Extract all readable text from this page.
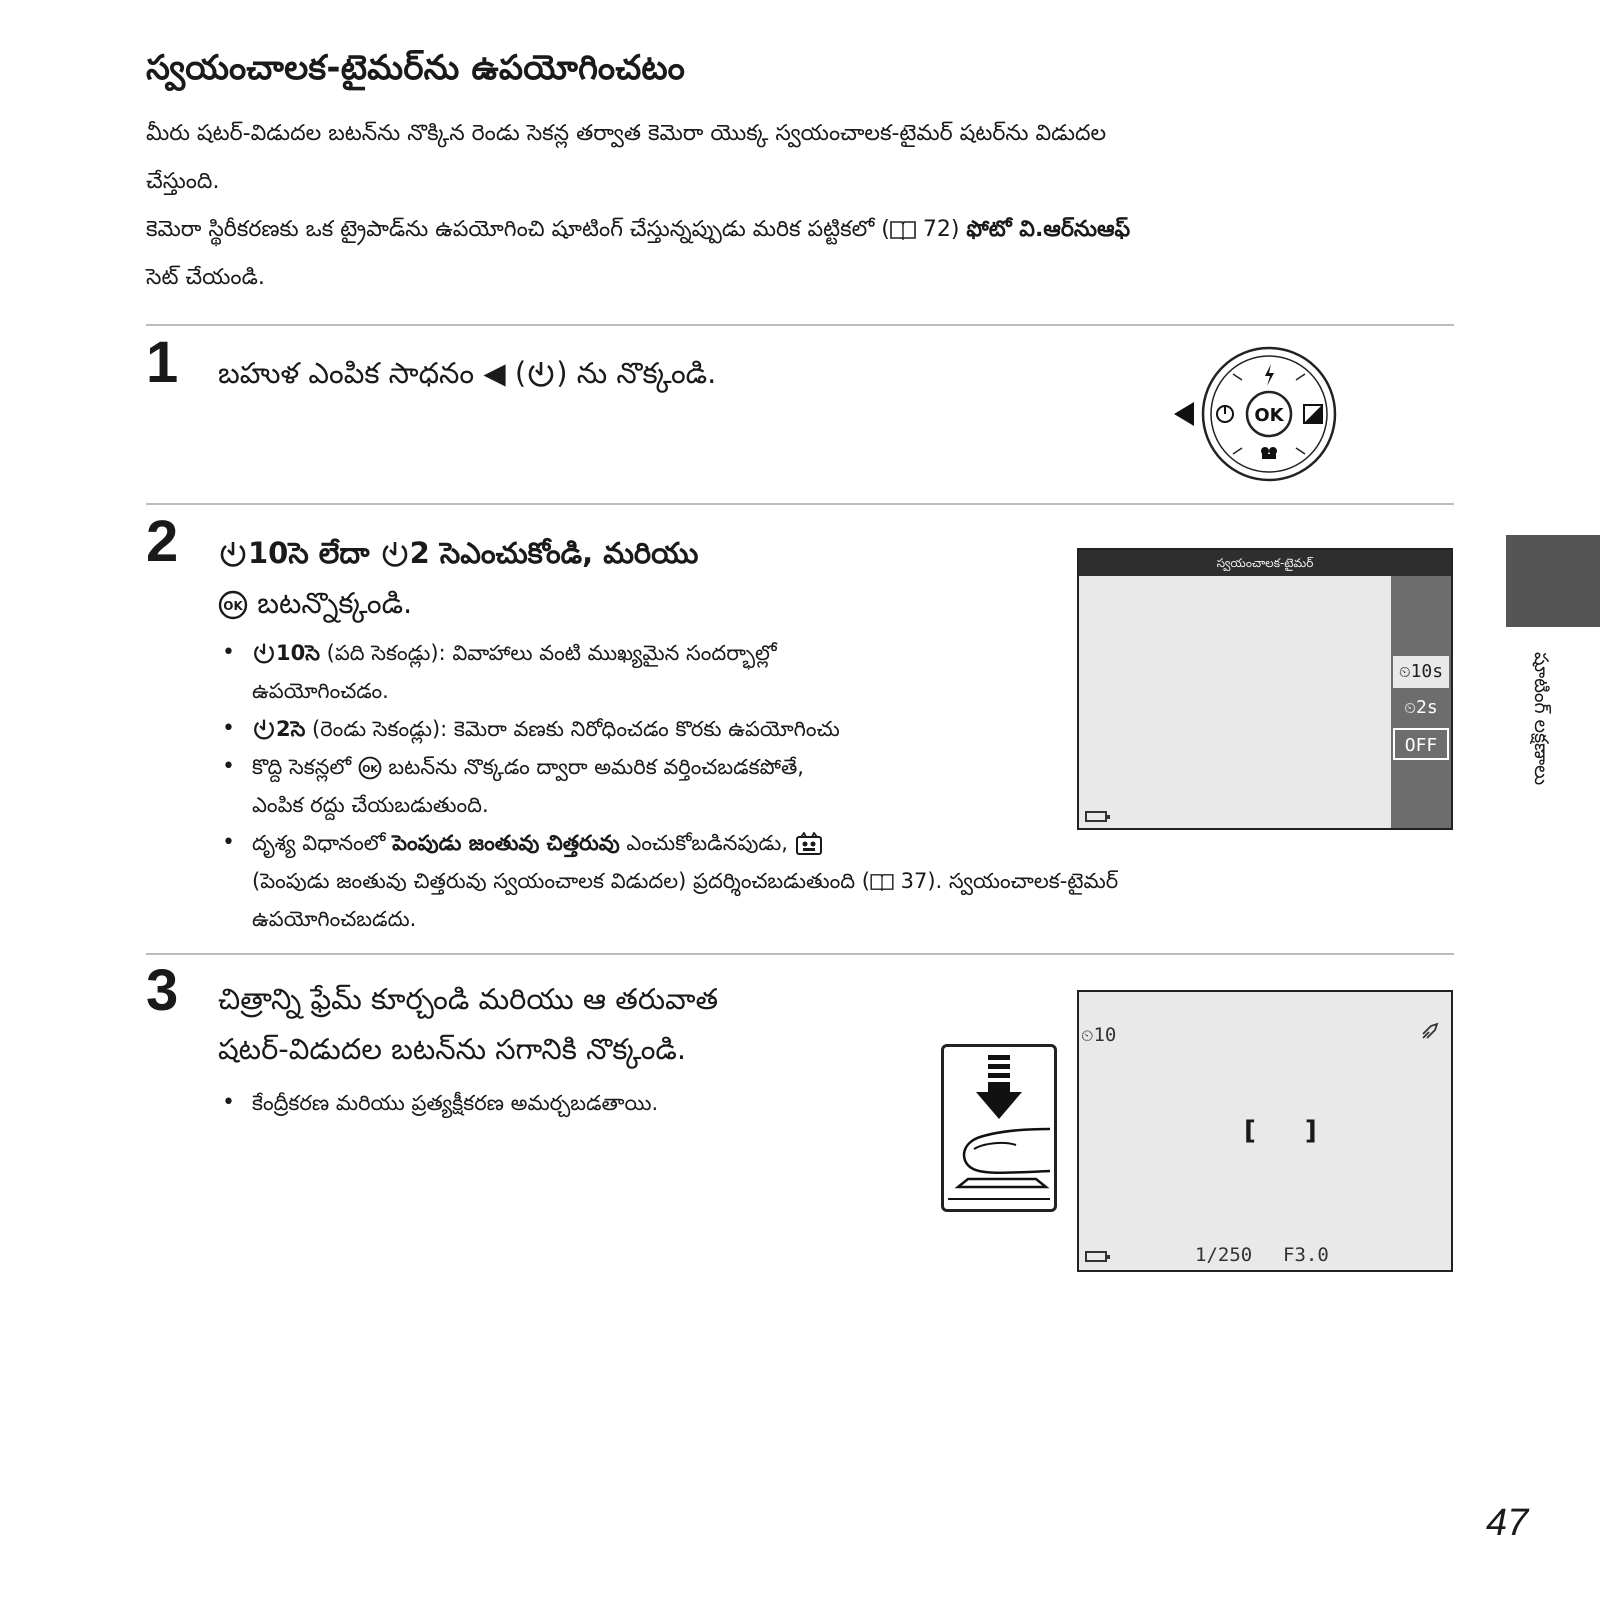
స్వయంచాలక-టైమర్‌ను ఉపయోగించటం
మీరు షటర్-విడుదల బటన్‌ను నొక్కిన రెండు సెకన్ల తర్వాత కెమెరా యొక్క స్వయంచాలక-టైమర్ షటర్‌ను విడుదల
చేస్తుంది.
కెమెరా స్థిరీకరణకు ఒక ట్రైపాడ్‌ను ఉపయోగించి షూటింగ్ చేస్తున్నప్పుడు మరిక పట్టికలో ( 72) ఫోటో వి.ఆర్‌నుఆఫ్
సెట్ చేయండి.
1 బహుళ ఎంపిక సాధనం ◀ ( ) ను నొక్కండి.
OK
2	10సె లేదా
2 సెఎంచుకోండి, మరియు
OK బటన్నొక్కండి.
• 10సె (పది సెకండ్లు): వివాహాలు వంటి ముఖ్యమైన సందర్భాల్లో
ఉపయోగించడం.
• 2సె (రెండు సెకండ్లు): కెమెరా వణకు నిరోధించడం కొరకు ఉపయోగించు
• కొద్ది సెకన్లలో OK బటన్‌ను నొక్కడం ద్వారా అమరిక వర్తించబడకపోతే,
ఎంపిక రద్దు చేయబడుతుంది.
• దృశ్య విధానంలో పెంపుడు జంతువు చిత్తరువు ఎంచుకోబడినపుడు,

(పెంపుడు జంతువు చిత్తరువు స్వయంచాలక విడుదల) ప్రదర్శించబడుతుంది ( 37). స్వయంచాలక-టైమర్
ఉపయోగించబడదు.
స్వయంచాలక-టైమర్
⏲10s
⏲2s
OFF
3 చిత్రాన్ని ఫ్రేమ్ కూర్చండి మరియు ఆ తరువాత
షటర్-విడుదల బటన్‌ను సగానికి నొక్కండి.
• కేంద్రీకరణ మరియు ప్రత్యక్షీకరణ అమర్చబడతాయి.
⏲10
[ ]
1/250 F3.0
షూటింగ్ లక్షణాలు
47
